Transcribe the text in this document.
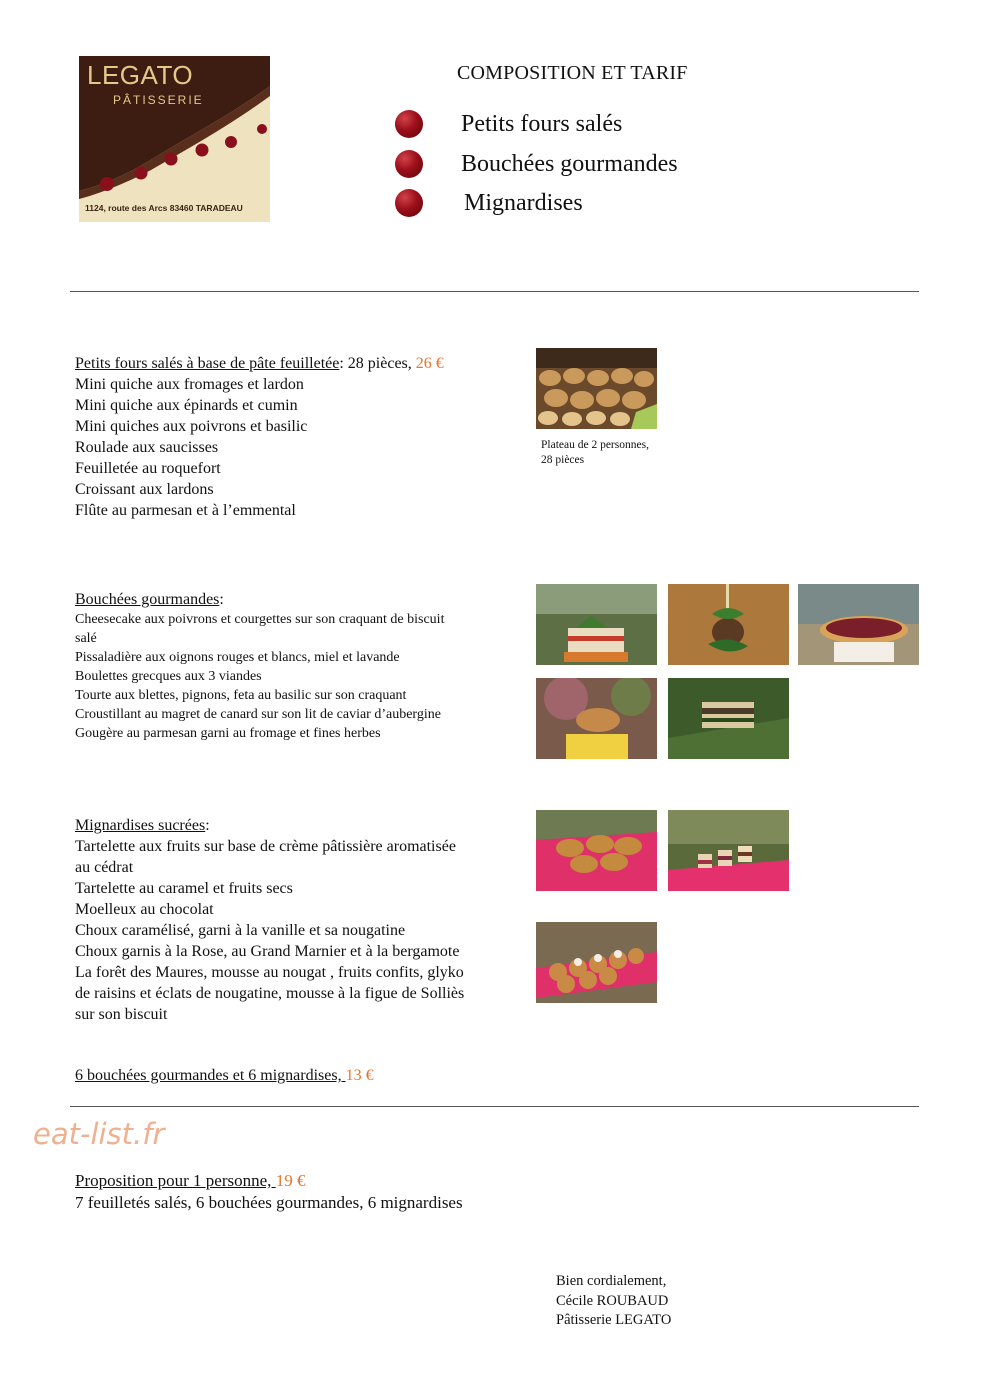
LEGATO
PÂTISSERIE
1124, route des Arcs 83460 TARADEAU
COMPOSITION ET TARIF
Petits fours salés
Bouchées gourmandes
Mignardises
Petits fours salés à base de pâte feuilletée: 28 pièces, 26 €
Mini quiche aux fromages et lardon
Mini quiche aux épinards et cumin
Mini quiches aux poivrons et basilic
Roulade aux saucisses
Feuilletée au roquefort
Croissant aux lardons
Flûte au parmesan et à l’emmental
Plateau de 2 personnes,
28 pièces
Bouchées gourmandes:
Cheesecake aux poivrons et courgettes sur son craquant de biscuit
salé
Pissaladière aux oignons rouges et blancs, miel et lavande
Boulettes grecques aux 3 viandes
Tourte aux blettes, pignons, feta au basilic sur son craquant
Croustillant au magret de canard sur son lit de caviar d’aubergine
Gougère au parmesan garni au fromage et fines herbes
Mignardises sucrées:
Tartelette aux fruits sur base de crème pâtissière aromatisée
au cédrat
Tartelette au caramel et fruits secs
Moelleux au chocolat
Choux caramélisé, garni à la vanille et sa nougatine
Choux garnis à la Rose, au Grand Marnier et à la bergamote
La forêt des Maures, mousse au nougat , fruits confits, glyko
de raisins et éclats de nougatine, mousse à la figue de Solliès
sur son biscuit
6 bouchées gourmandes et 6 mignardises, 13 €
eat-list.fr
Proposition pour 1 personne, 19 €
7 feuilletés salés, 6 bouchées gourmandes, 6 mignardises
Bien cordialement,
Cécile ROUBAUD
Pâtisserie LEGATO
